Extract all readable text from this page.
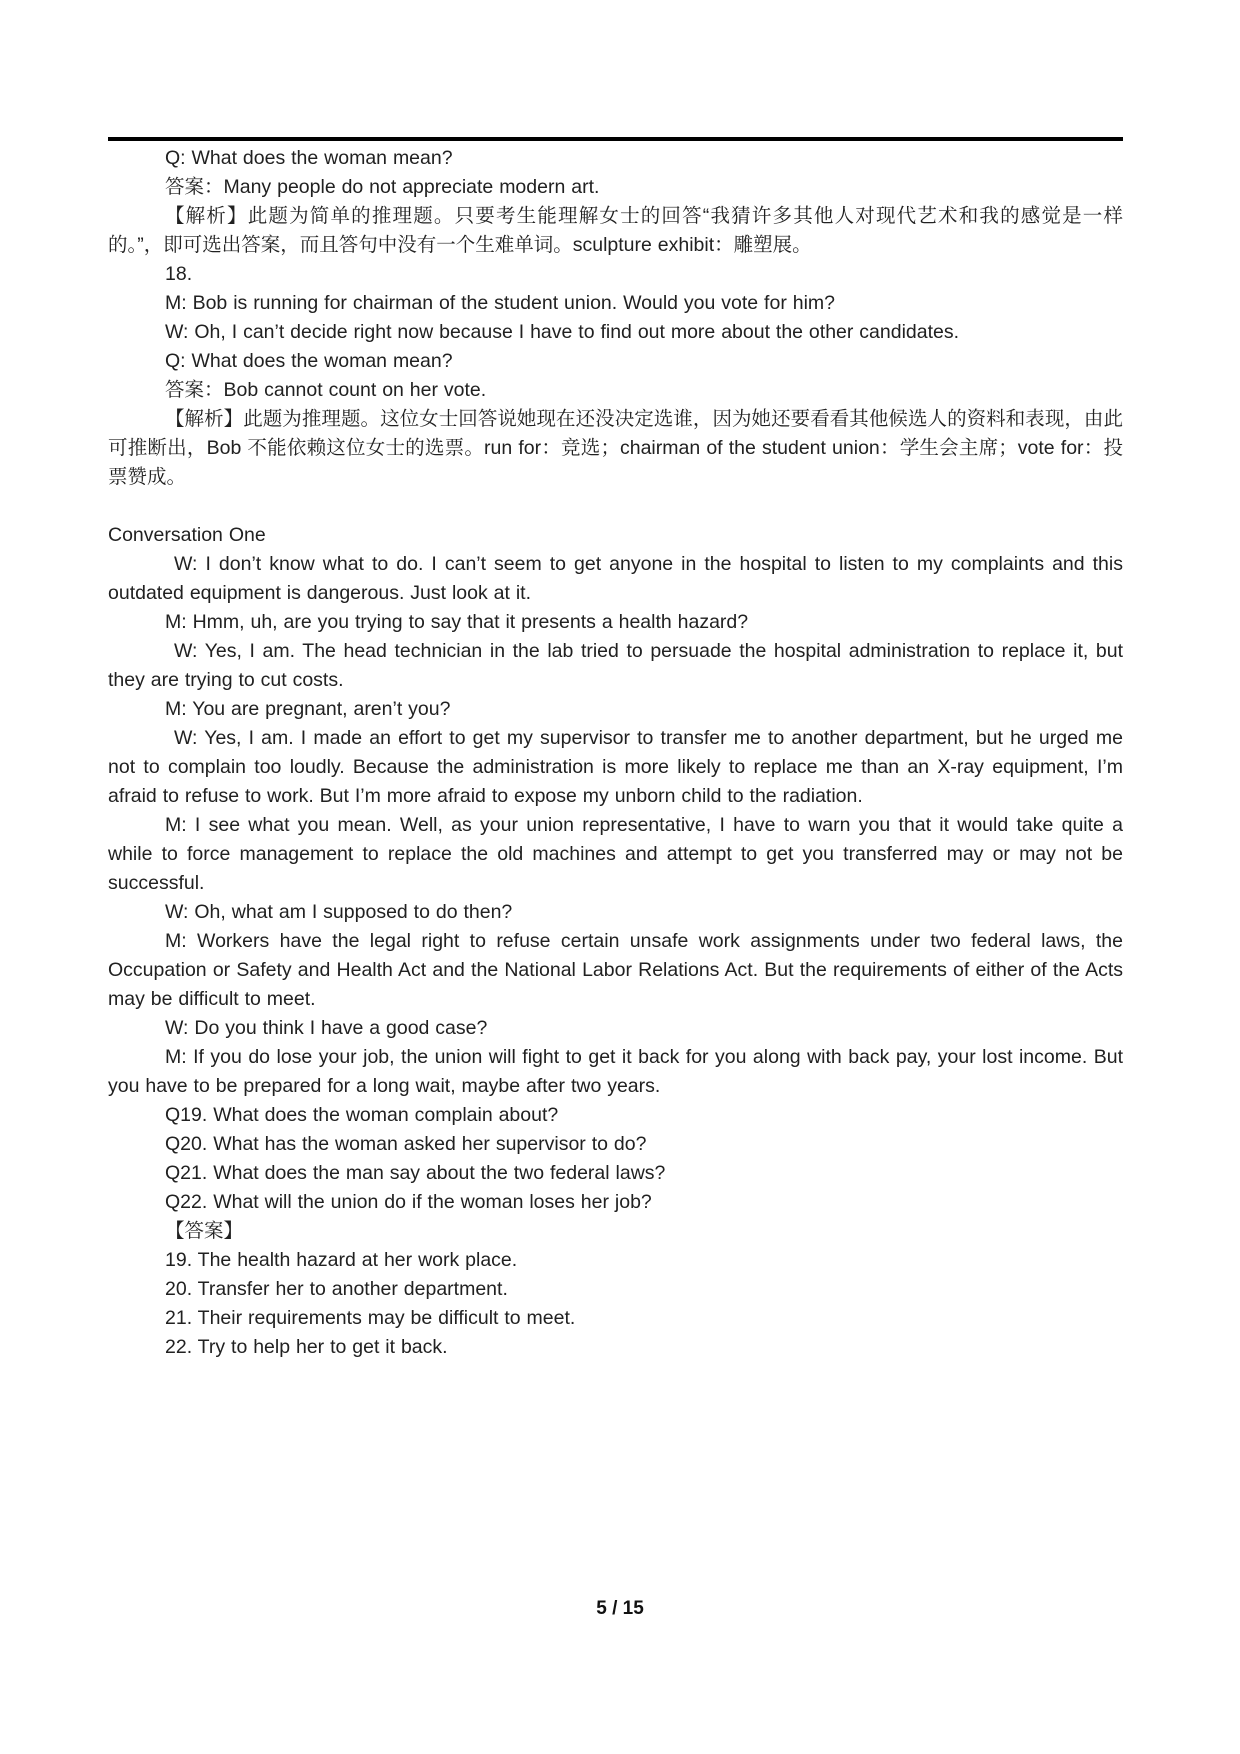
Q: What does the woman mean?

答案：Many people do not appreciate modern art.

【解析】此题为简单的推理题。只要考生能理解女士的回答“我猜许多其他人对现代艺术和我的感觉是一样的。”，即可选出答案，而且答句中没有一个生难单词。sculpture exhibit：雕塑展。

18.

M: Bob is running for chairman of the student union. Would you vote for him?

W: Oh, I can’t decide right now because I have to find out more about the other candidates.

Q: What does the woman mean?

答案：Bob cannot count on her vote.

【解析】此题为推理题。这位女士回答说她现在还没决定选谁，因为她还要看看其他候选人的资料和表现，由此可推断出，Bob 不能依赖这位女士的选票。run for：竞选；chairman of the student union：学生会主席；vote for：投票赞成。

Conversation One

W: I don’t know what to do. I can’t seem to get anyone in the hospital to listen to my complaints and this outdated equipment is dangerous. Just look at it.

M: Hmm, uh, are you trying to say that it presents a health hazard?

W: Yes, I am. The head technician in the lab tried to persuade the hospital administration to replace it, but they are trying to cut costs.

M: You are pregnant, aren’t you?

W: Yes, I am. I made an effort to get my supervisor to transfer me to another department, but he urged me not to complain too loudly. Because the administration is more likely to replace me than an X-ray equipment, I’m afraid to refuse to work. But I’m more afraid to expose my unborn child to the radiation.

M: I see what you mean. Well, as your union representative, I have to warn you that it would take quite a while to force management to replace the old machines and attempt to get you transferred may or may not be successful.

W: Oh, what am I supposed to do then?

M: Workers have the legal right to refuse certain unsafe work assignments under two federal laws, the Occupation or Safety and Health Act and the National Labor Relations Act. But the requirements of either of the Acts may be difficult to meet.

W: Do you think I have a good case?

M: If you do lose your job, the union will fight to get it back for you along with back pay, your lost income. But you have to be prepared for a long wait, maybe after two years.

Q19. What does the woman complain about?

Q20. What has the woman asked her supervisor to do?

Q21. What does the man say about the two federal laws?

Q22. What will the union do if the woman loses her job?

【答案】

19. The health hazard at her work place.

20. Transfer her to another department.

21. Their requirements may be difficult to meet.

22. Try to help her to get it back.

5 / 15
